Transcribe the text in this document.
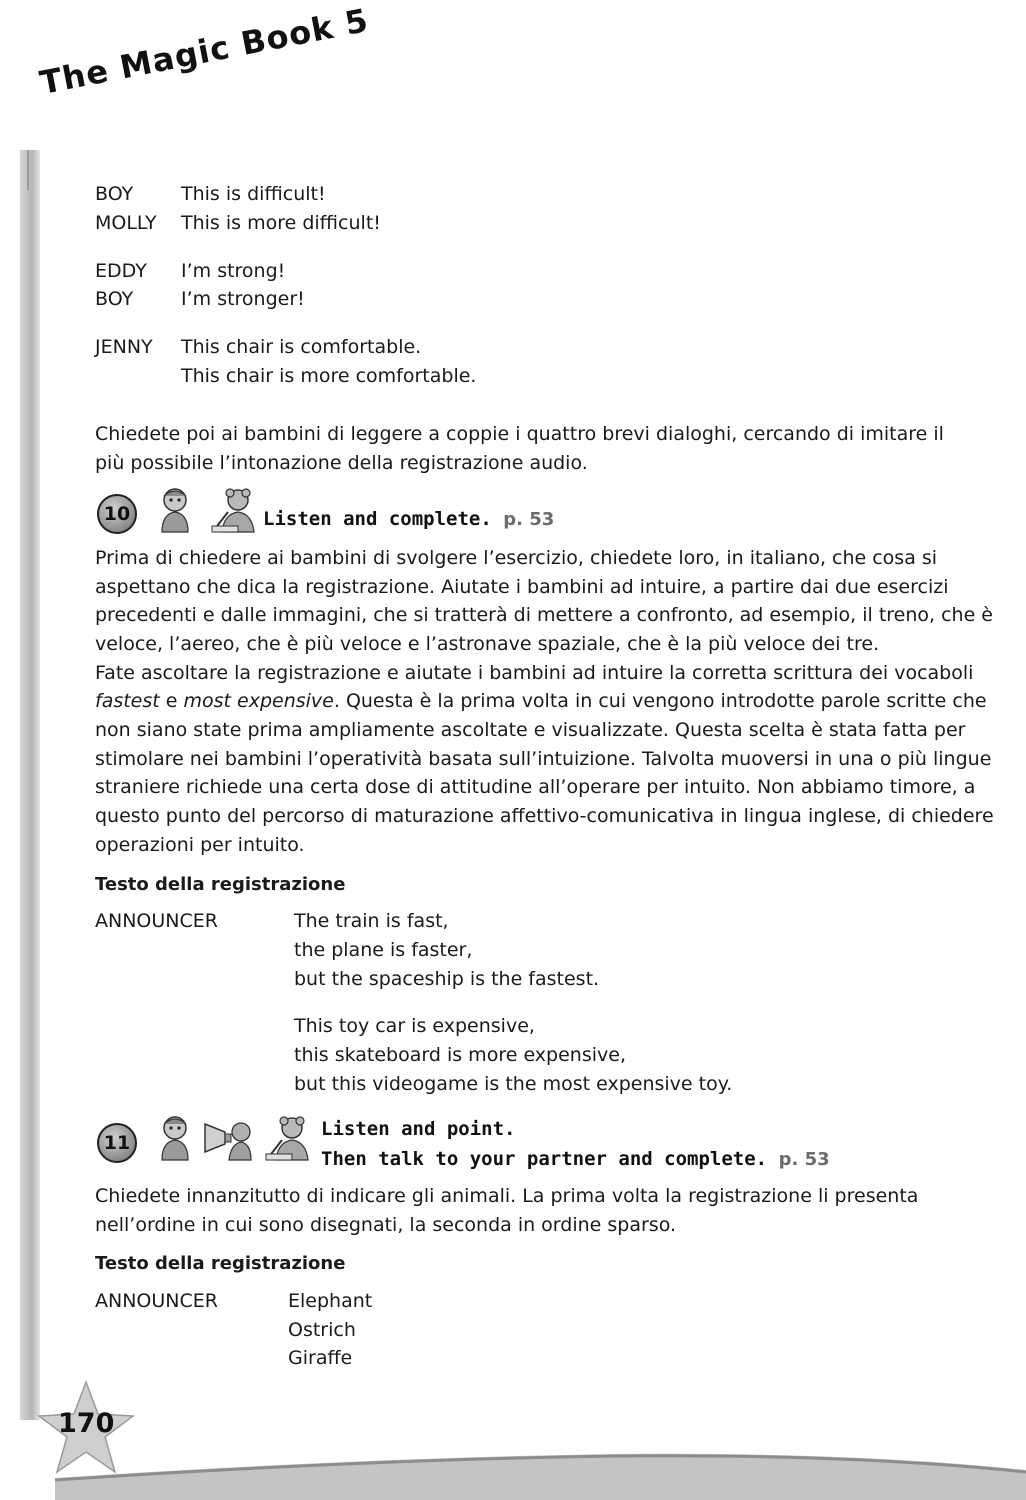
The Magic Book 5
BOY	This is difficult!
MOLLY This is more difficult!
EDDY I’m strong!
BOY	I’m stronger!
JENNY This chair is comfortable.
This chair is more comfortable.
Chiedete poi ai bambini di leggere a coppie i quattro brevi dialoghi, cercando di imitare il più possibile l’intonazione della registrazione audio.
10	Listen and complete. p. 53
Prima di chiedere ai bambini di svolgere l’esercizio, chiedete loro, in italiano, che cosa si
aspettano che dica la registrazione. Aiutate i bambini ad intuire, a partire dai due esercizi
precedenti e dalle immagini, che si tratterà di mettere a confronto, ad esempio, il treno, che è
veloce, l’aereo, che è più veloce e l’astronave spaziale, che è la più veloce dei tre.
Fate ascoltare la registrazione e aiutate i bambini ad intuire la corretta scrittura dei vocaboli
fastest e most expensive. Questa è la prima volta in cui vengono introdotte parole scritte che
non siano state prima ampliamente ascoltate e visualizzate. Questa scelta è stata fatta per
stimolare nei bambini l’operatività basata sull’intuizione. Talvolta muoversi in una o più lingue
straniere richiede una certa dose di attitudine all’operare per intuito. Non abbiamo timore, a
questo punto del percorso di maturazione affettivo-comunicativa in lingua inglese, di chiedere
operazioni per intuito.
Testo della registrazione
ANNOUNCER	The train is fast,
the plane is faster,
but the spaceship is the fastest.
This toy car is expensive,
this skateboard is more expensive,
but this videogame is the most expensive toy.
11
Listen and point.
Then talk to your partner and complete. p. 53
Chiedete innanzitutto di indicare gli animali. La prima volta la registrazione li presenta
nell’ordine in cui sono disegnati, la seconda in ordine sparso.
Testo della registrazione
ANNOUNCER	Elephant
Ostrich
Giraffe
170
